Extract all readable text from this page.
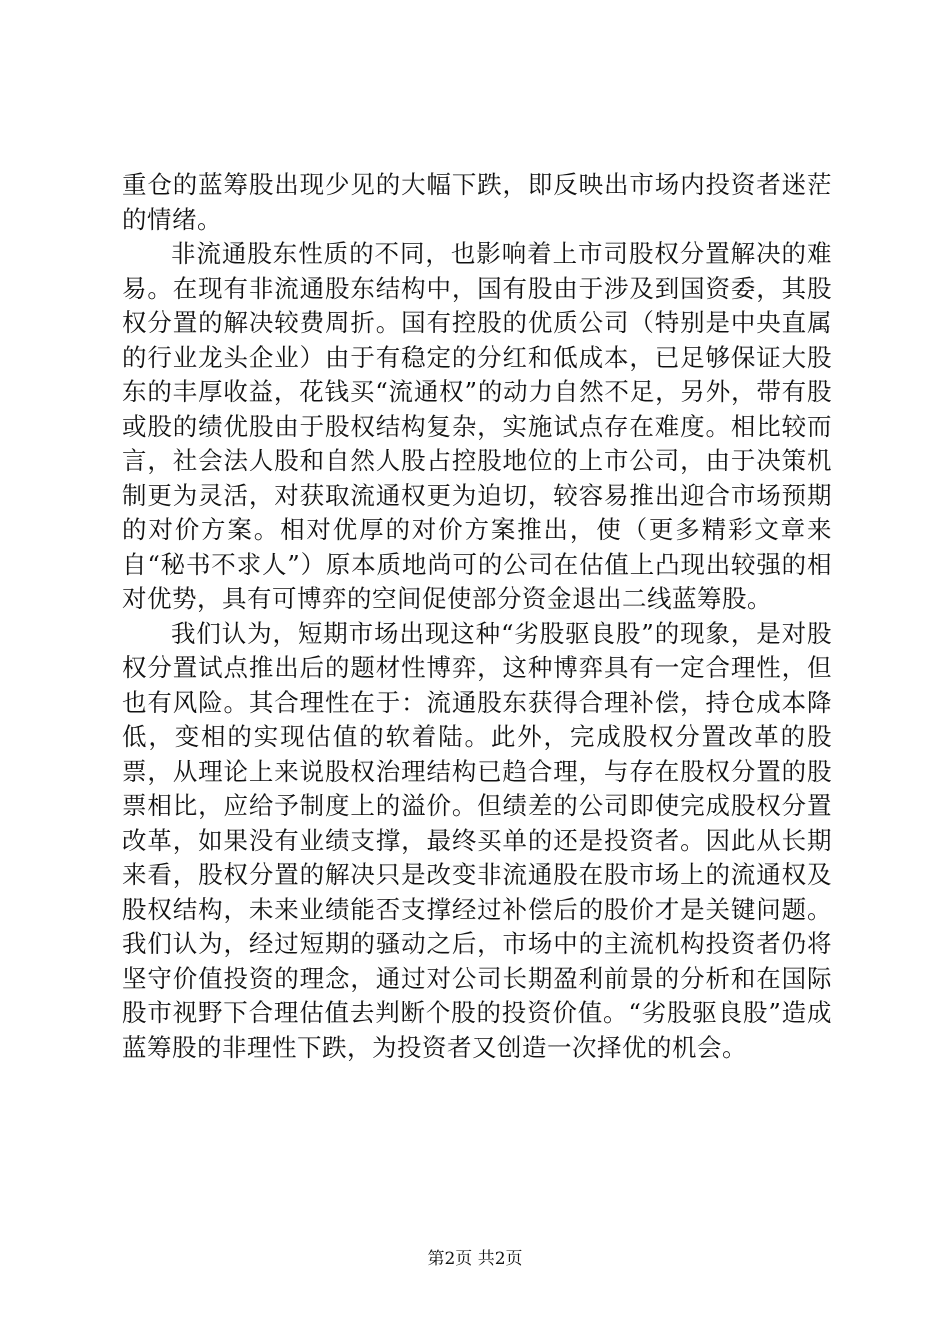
重仓的蓝筹股出现少见的大幅下跌，即反映出市场内投资者迷茫的情绪。

非流通股东性质的不同，也影响着上市司股权分置解决的难易。在现有非流通股东结构中，国有股由于涉及到国资委，其股权分置的解决较费周折。国有控股的优质公司（特别是中央直属的行业龙头企业）由于有稳定的分红和低成本，已足够保证大股东的丰厚收益，花钱买“流通权”的动力自然不足，另外，带有股或股的绩优股由于股权结构复杂，实施试点存在难度。相比较而言，社会法人股和自然人股占控股地位的上市公司，由于决策机制更为灵活，对获取流通权更为迫切，较容易推出迎合市场预期的对价方案。相对优厚的对价方案推出，使（更多精彩文章来自“秘书不求人”）原本质地尚可的公司在估值上凸现出较强的相对优势，具有可博弈的空间促使部分资金退出二线蓝筹股。

我们认为，短期市场出现这种“劣股驱良股”的现象，是对股权分置试点推出后的题材性博弈，这种博弈具有一定合理性，但也有风险。其合理性在于：流通股东获得合理补偿，持仓成本降低，变相的实现估值的软着陆。此外，完成股权分置改革的股票，从理论上来说股权治理结构已趋合理，与存在股权分置的股票相比，应给予制度上的溢价。但绩差的公司即使完成股权分置改革，如果没有业绩支撑，最终买单的还是投资者。因此从长期来看，股权分置的解决只是改变非流通股在股市场上的流通权及股权结构，未来业绩能否支撑经过补偿后的股价才是关键问题。我们认为，经过短期的骚动之后，市场中的主流机构投资者仍将坚守价值投资的理念，通过对公司长期盈利前景的分析和在国际股市视野下合理估值去判断个股的投资价值。“劣股驱良股”造成蓝筹股的非理性下跌，为投资者又创造一次择优的机会。

第2页 共2页
